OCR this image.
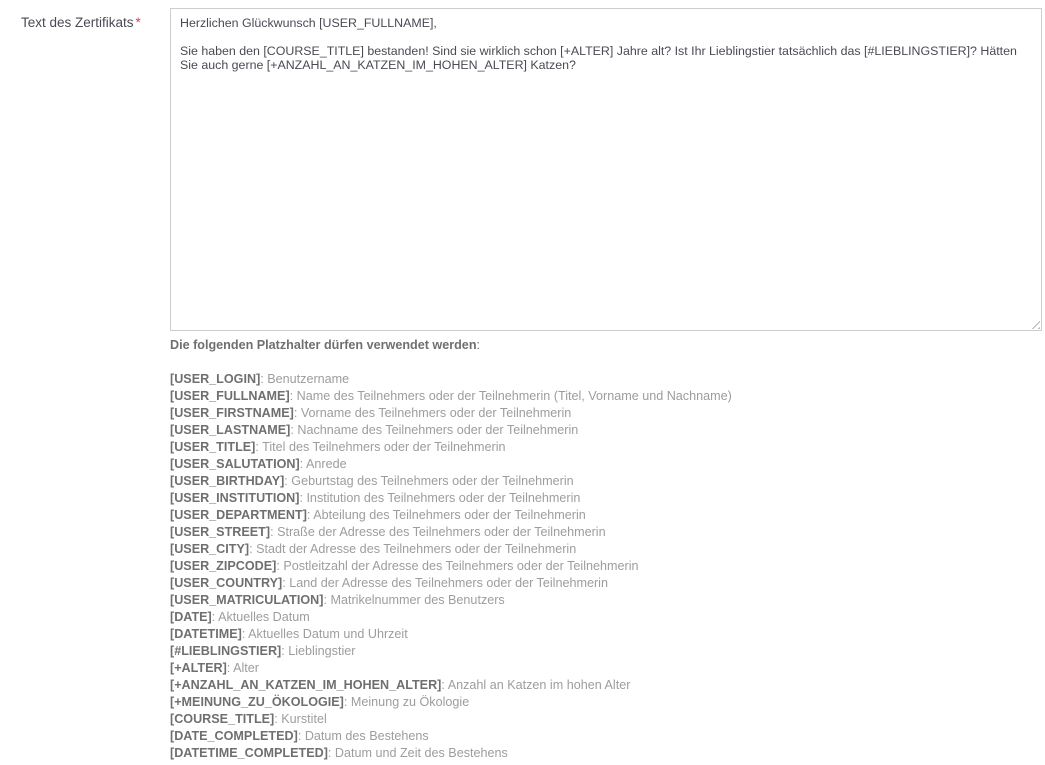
Text des Zertifikats *
Herzlichen Glückwunsch [USER_FULLNAME], Sie haben den [COURSE_TITLE] bestanden! Sind sie wirklich schon [+ALTER] Jahre alt? Ist Ihr Lieblingstier tatsächlich das [#LIEBLINGSTIER]? Hätten Sie auch gerne [+ANZAHL_AN_KATZEN_IM_HOHEN_ALTER] Katzen?
Die folgenden Platzhalter dürfen verwendet werden:
[USER_LOGIN]: Benutzername
[USER_FULLNAME]: Name des Teilnehmers oder der Teilnehmerin (Titel, Vorname und Nachname)
[USER_FIRSTNAME]: Vorname des Teilnehmers oder der Teilnehmerin
[USER_LASTNAME]: Nachname des Teilnehmers oder der Teilnehmerin
[USER_TITLE]: Titel des Teilnehmers oder der Teilnehmerin
[USER_SALUTATION]: Anrede
[USER_BIRTHDAY]: Geburtstag des Teilnehmers oder der Teilnehmerin
[USER_INSTITUTION]: Institution des Teilnehmers oder der Teilnehmerin
[USER_DEPARTMENT]: Abteilung des Teilnehmers oder der Teilnehmerin
[USER_STREET]: Straße der Adresse des Teilnehmers oder der Teilnehmerin
[USER_CITY]: Stadt der Adresse des Teilnehmers oder der Teilnehmerin
[USER_ZIPCODE]: Postleitzahl der Adresse des Teilnehmers oder der Teilnehmerin
[USER_COUNTRY]: Land der Adresse des Teilnehmers oder der Teilnehmerin
[USER_MATRICULATION]: Matrikelnummer des Benutzers
[DATE]: Aktuelles Datum
[DATETIME]: Aktuelles Datum und Uhrzeit
[#LIEBLINGSTIER]: Lieblingstier
[+ALTER]: Alter
[+ANZAHL_AN_KATZEN_IM_HOHEN_ALTER]: Anzahl an Katzen im hohen Alter
[+MEINUNG_ZU_ÖKOLOGIE]: Meinung zu Ökologie
[COURSE_TITLE]: Kurstitel
[DATE_COMPLETED]: Datum des Bestehens
[DATETIME_COMPLETED]: Datum und Zeit des Bestehens
